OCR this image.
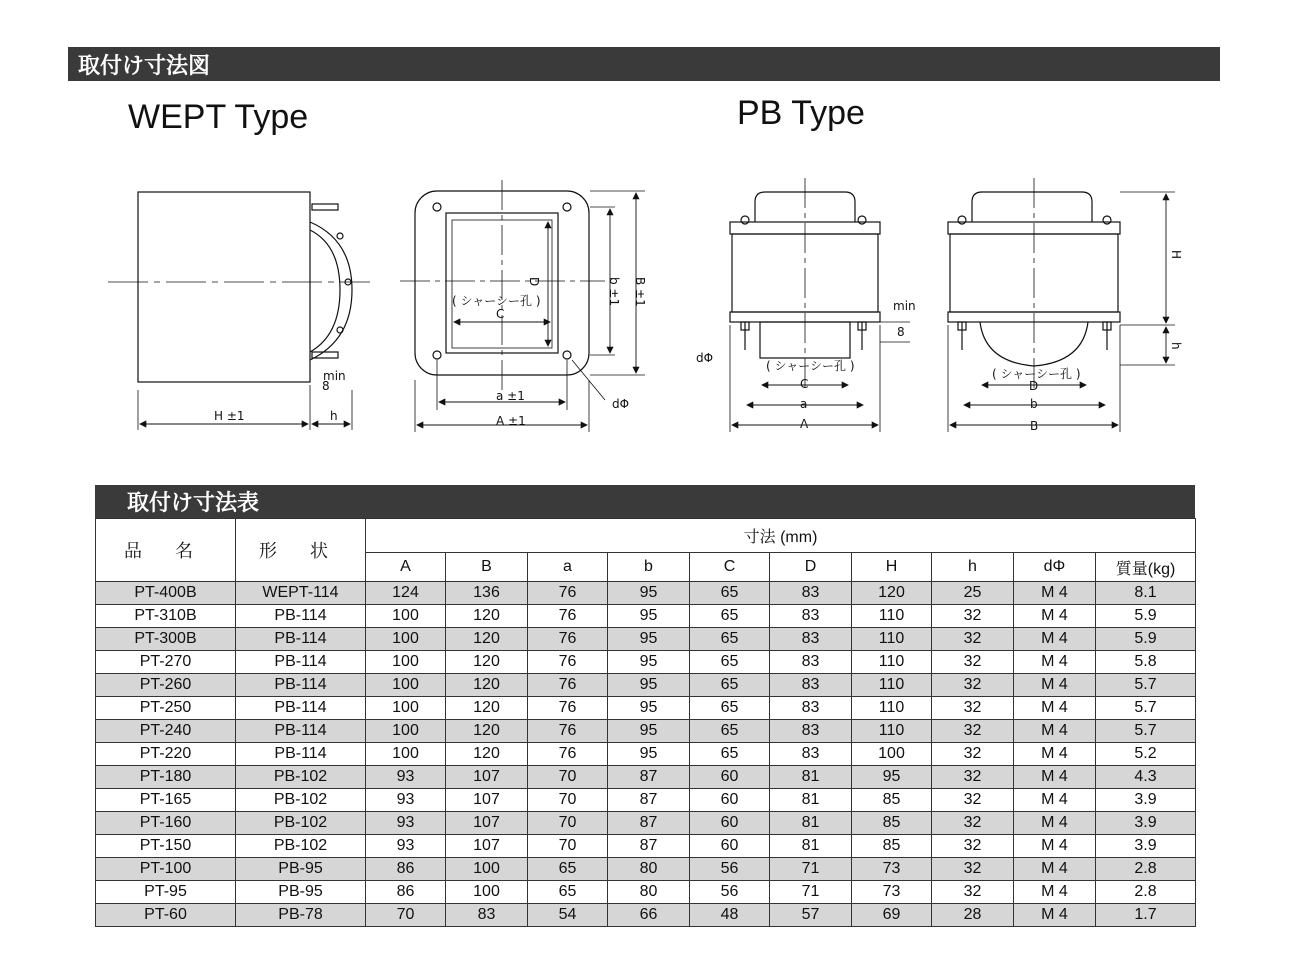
取付け寸法図
WEPT Type	PB Type
H ±1	h
min
8
D
( シャーシー孔 )
C
b ±1 B ±1
a ±1
A ±1
dΦ
dΦ
( シャーシー孔 )
C
a
A
min
8
H
h
( シャーシー孔 )
D
b
B
取付け寸法表
品 名	形 状	寸法 (mm)									
		A	B	a	b	C	D	H	h	dΦ	質量(kg)
PT-400B	WEPT-114	124	136	76	95	65	83	120	25	M 4	8.1
PT-310B	PB-114	100	120	76	95	65	83	110	32	M 4	5.9
PT-300B	PB-114	100	120	76	95	65	83	110	32	M 4	5.9
PT-270	PB-114	100	120	76	95	65	83	110	32	M 4	5.8
PT-260	PB-114	100	120	76	95	65	83	110	32	M 4	5.7
PT-250	PB-114	100	120	76	95	65	83	110	32	M 4	5.7
PT-240	PB-114	100	120	76	95	65	83	110	32	M 4	5.7
PT-220	PB-114	100	120	76	95	65	83	100	32	M 4	5.2
PT-180	PB-102	93	107	70	87	60	81	95	32	M 4	4.3
PT-165	PB-102	93	107	70	87	60	81	85	32	M 4	3.9
PT-160	PB-102	93	107	70	87	60	81	85	32	M 4	3.9
PT-150	PB-102	93	107	70	87	60	81	85	32	M 4	3.9
PT-100	PB-95	86	100	65	80	56	71	73	32	M 4	2.8
PT-95	PB-95	86	100	65	80	56	71	73	32	M 4	2.8
PT-60	PB-78	70	83	54	66	48	57	69	28	M 4	1.7
